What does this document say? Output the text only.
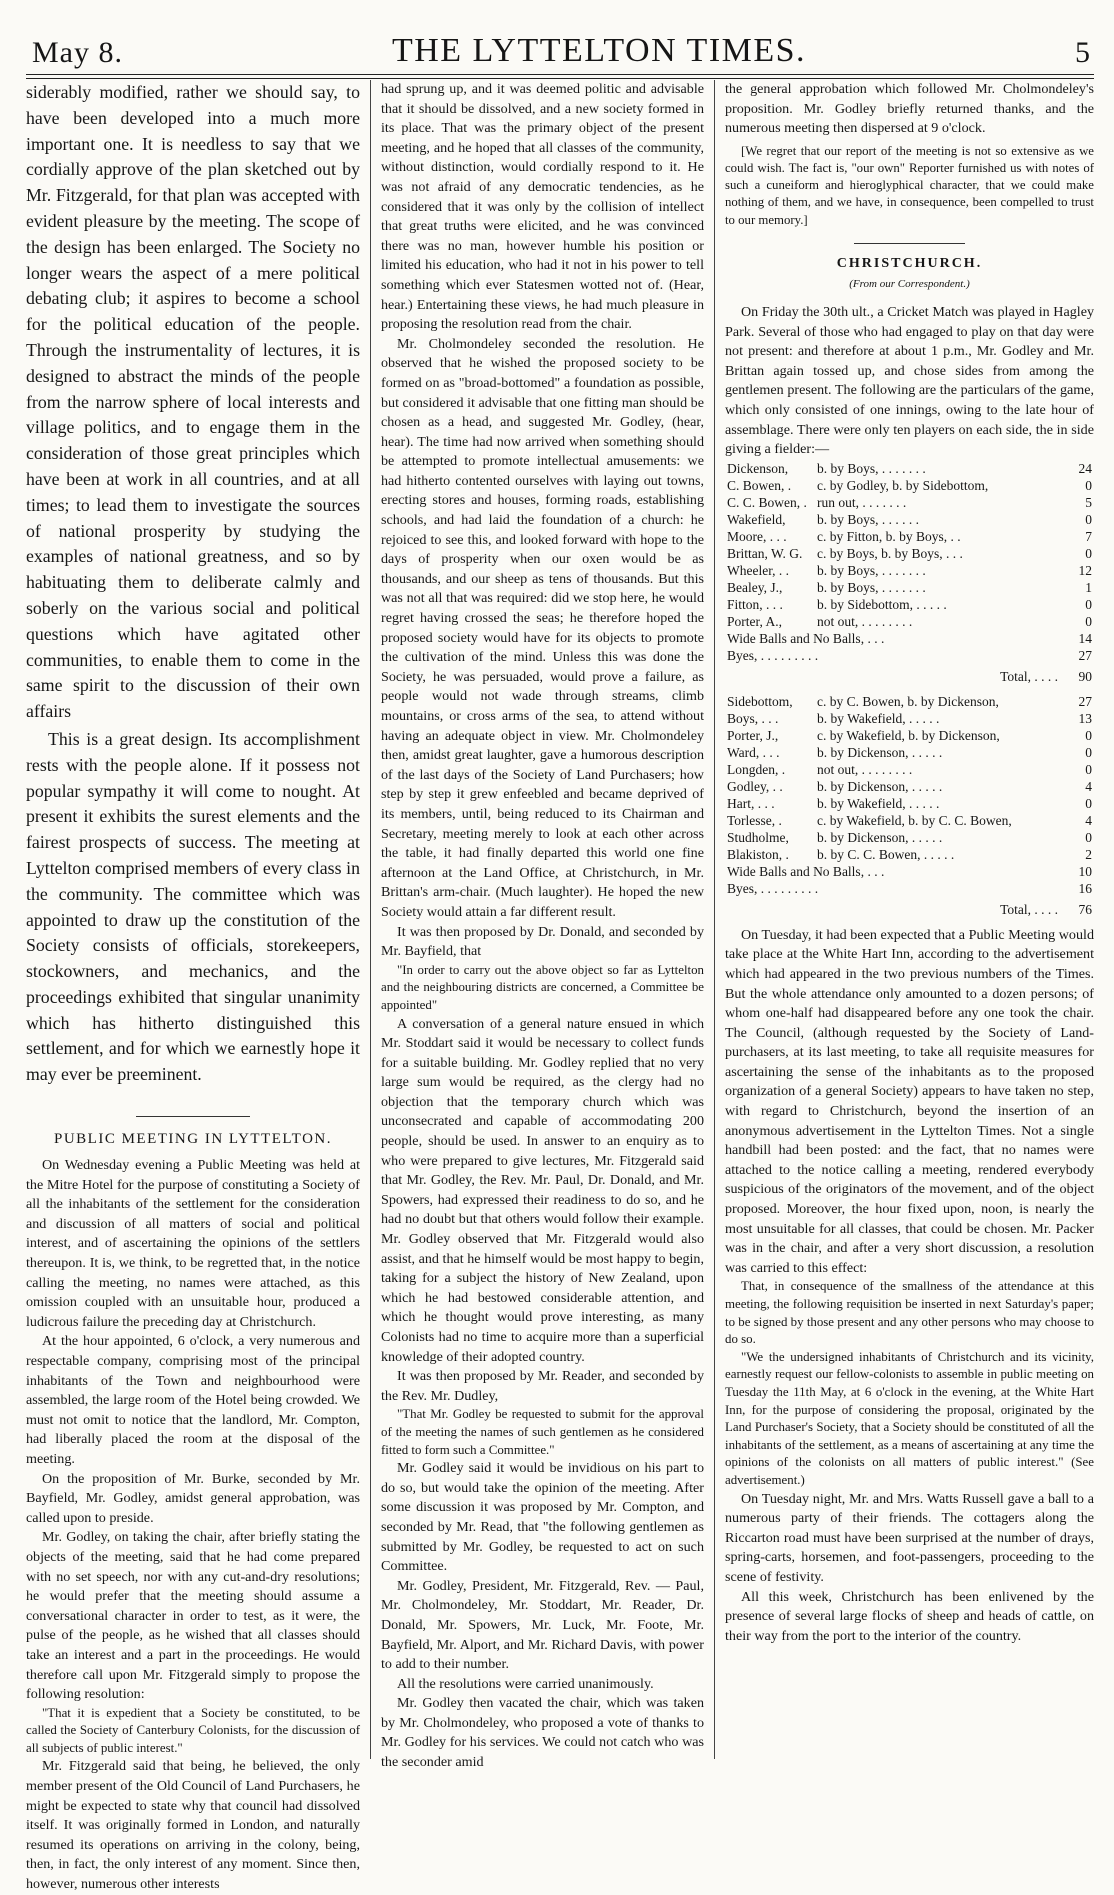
May 8.	THE LYTTELTON TIMES.	5

siderably modified, rather we should say, to have been developed into a much more important one. It is needless to say that we cordially approve of the plan sketched out by Mr. Fitzgerald, for that plan was accepted with evident pleasure by the meeting. The scope of the design has been enlarged. The Society no longer wears the aspect of a mere political debating club; it aspires to become a school for the political education of the people. Through the instrumentality of lectures, it is designed to abstract the minds of the people from the narrow sphere of local interests and village politics, and to engage them in the consideration of those great principles which have been at work in all countries, and at all times; to lead them to investigate the sources of national prosperity by studying the examples of national greatness, and so by habituating them to deliberate calmly and soberly on the various social and political questions which have agitated other communities, to enable them to come in the same spirit to the discussion of their own affairs

This is a great design. Its accomplishment rests with the people alone. If it possess not popular sympathy it will come to nought. At present it exhibits the surest elements and the fairest prospects of success. The meeting at Lyttelton comprised members of every class in the community. The committee which was appointed to draw up the constitution of the Society consists of officials, storekeepers, stockowners, and mechanics, and the proceedings exhibited that singular unanimity which has hitherto distinguished this settlement, and for which we earnestly hope it may ever be preeminent.

PUBLIC MEETING IN LYTTELTON.

On Wednesday evening a Public Meeting was held at the Mitre Hotel for the purpose of constituting a Society of all the inhabitants of the settlement for the consideration and discussion of all matters of social and political interest, and of ascertaining the opinions of the settlers thereupon. It is, we think, to be regretted that, in the notice calling the meeting, no names were attached, as this omission coupled with an unsuitable hour, produced a ludicrous failure the preceding day at Christchurch.

At the hour appointed, 6 o'clock, a very numerous and respectable company, comprising most of the principal inhabitants of the Town and neighbourhood were assembled, the large room of the Hotel being crowded. We must not omit to notice that the landlord, Mr. Compton, had liberally placed the room at the disposal of the meeting.

On the proposition of Mr. Burke, seconded by Mr. Bayfield, Mr. Godley, amidst general approbation, was called upon to preside.

Mr. Godley, on taking the chair, after briefly stating the objects of the meeting, said that he had come prepared with no set speech, nor with any cut-and-dry resolutions; he would prefer that the meeting should assume a conversational character in order to test, as it were, the pulse of the people, as he wished that all classes should take an interest and a part in the proceedings. He would therefore call upon Mr. Fitzgerald simply to propose the following resolution:

"That it is expedient that a Society be constituted, to be called the Society of Canterbury Colonists, for the discussion of all subjects of public interest."

Mr. Fitzgerald said that being, he believed, the only member present of the Old Council of Land Purchasers, he might be expected to state why that council had dissolved itself. It was originally formed in London, and naturally resumed its operations on arriving in the colony, being, then, in fact, the only interest of any moment. Since then, however, numerous other interests

had sprung up, and it was deemed politic and advisable that it should be dissolved, and a new society formed in its place. That was the primary object of the present meeting, and he hoped that all classes of the community, without distinction, would cordially respond to it. He was not afraid of any democratic tendencies, as he considered that it was only by the collision of intellect that great truths were elicited, and he was convinced there was no man, however humble his position or limited his education, who had it not in his power to tell something which ever Statesmen wotted not of. (Hear, hear.) Entertaining these views, he had much pleasure in proposing the resolution read from the chair.

Mr. Cholmondeley seconded the resolution. He observed that he wished the proposed society to be formed on as "broad-bottomed" a foundation as possible, but considered it advisable that one fitting man should be chosen as a head, and suggested Mr. Godley, (hear, hear). The time had now arrived when something should be attempted to promote intellectual amusements: we had hitherto contented ourselves with laying out towns, erecting stores and houses, forming roads, establishing schools, and had laid the foundation of a church: he rejoiced to see this, and looked forward with hope to the days of prosperity when our oxen would be as thousands, and our sheep as tens of thousands. But this was not all that was required: did we stop here, he would regret having crossed the seas; he therefore hoped the proposed society would have for its objects to promote the cultivation of the mind. Unless this was done the Society, he was persuaded, would prove a failure, as people would not wade through streams, climb mountains, or cross arms of the sea, to attend without having an adequate object in view. Mr. Cholmondeley then, amidst great laughter, gave a humorous description of the last days of the Society of Land Purchasers; how step by step it grew enfeebled and became deprived of its members, until, being reduced to its Chairman and Secretary, meeting merely to look at each other across the table, it had finally departed this world one fine afternoon at the Land Office, at Christchurch, in Mr. Brittan's arm-chair. (Much laughter). He hoped the new Society would attain a far different result.

It was then proposed by Dr. Donald, and seconded by Mr. Bayfield, that

"In order to carry out the above object so far as Lyttelton and the neighbouring districts are concerned, a Committee be appointed"

A conversation of a general nature ensued in which Mr. Stoddart said it would be necessary to collect funds for a suitable building. Mr. Godley replied that no very large sum would be required, as the clergy had no objection that the temporary church which was unconsecrated and capable of accommodating 200 people, should be used. In answer to an enquiry as to who were prepared to give lectures, Mr. Fitzgerald said that Mr. Godley, the Rev. Mr. Paul, Dr. Donald, and Mr. Spowers, had expressed their readiness to do so, and he had no doubt but that others would follow their example. Mr. Godley observed that Mr. Fitzgerald would also assist, and that he himself would be most happy to begin, taking for a subject the history of New Zealand, upon which he had bestowed considerable attention, and which he thought would prove interesting, as many Colonists had no time to acquire more than a superficial knowledge of their adopted country.

It was then proposed by Mr. Reader, and seconded by the Rev. Mr. Dudley,

"That Mr. Godley be requested to submit for the approval of the meeting the names of such gentlemen as he considered fitted to form such a Committee."

Mr. Godley said it would be invidious on his part to do so, but would take the opinion of the meeting. After some discussion it was proposed by Mr. Compton, and seconded by Mr. Read, that "the following gentlemen as submitted by Mr. Godley, be requested to act on such Committee.

Mr. Godley, President, Mr. Fitzgerald, Rev. — Paul, Mr. Cholmondeley, Mr. Stoddart, Mr. Reader, Dr. Donald, Mr. Spowers, Mr. Luck, Mr. Foote, Mr. Bayfield, Mr. Alport, and Mr. Richard Davis, with power to add to their number.

All the resolutions were carried unanimously.

Mr. Godley then vacated the chair, which was taken by Mr. Cholmondeley, who proposed a vote of thanks to Mr. Godley for his services. We could not catch who was the seconder amid

the general approbation which followed Mr. Cholmondeley's proposition. Mr. Godley briefly returned thanks, and the numerous meeting then dispersed at 9 o'clock.

[We regret that our report of the meeting is not so extensive as we could wish. The fact is, "our own" Reporter furnished us with notes of such a cuneiform and hieroglyphical character, that we could make nothing of them, and we have, in consequence, been compelled to trust to our memory.]

CHRISTCHURCH.
(From our Correspondent.)

On Friday the 30th ult., a Cricket Match was played in Hagley Park. Several of those who had engaged to play on that day were not present: and therefore at about 1 p.m., Mr. Godley and Mr. Brittan again tossed up, and chose sides from among the gentlemen present. The following are the particulars of the game, which only consisted of one innings, owing to the late hour of assemblage. There were only ten players on each side, the in side giving a fielder:—

Dickenson,	b. by Boys, . . . . . . .	24
C. Bowen, .	c. by Godley, b. by Sidebottom,	0
C. C. Bowen, .	run out, . . . . . . .	5
Wakefield,	b. by Boys, . . . . . .	0
Moore, . . .	c. by Fitton, b. by Boys, . .	7
Brittan, W. G.	c. by Boys, b. by Boys, . . .	0
Wheeler, . .	b. by Boys, . . . . . . .	12
Bealey, J.,	b. by Boys, . . . . . . .	1
Fitton, . . .	b. by Sidebottom, . . . . .	0
Porter, A.,	not out, . . . . . . . .	0
Wide Balls and No Balls, . . .		14
Byes, . . . . . . . . .		27
Total, . . . .		90
Sidebottom,	c. by C. Bowen, b. by Dickenson,	27
Boys, . . .	b. by Wakefield, . . . . .	13
Porter, J.,	c. by Wakefield, b. by Dickenson,	0
Ward, . . .	b. by Dickenson, . . . . .	0
Longden, .	not out, . . . . . . . .	0
Godley, . .	b. by Dickenson, . . . . .	4
Hart, . . .	b. by Wakefield, . . . . .	0
Torlesse, .	c. by Wakefield, b. by C. C. Bowen,	4
Studholme,	b. by Dickenson, . . . . .	0
Blakiston, .	b. by C. C. Bowen, . . . . .	2
Wide Balls and No Balls, . . .		10
Byes, . . . . . . . . .		16
Total, . . . .		76

On Tuesday, it had been expected that a Public Meeting would take place at the White Hart Inn, according to the advertisement which had appeared in the two previous numbers of the Times. But the whole attendance only amounted to a dozen persons; of whom one-half had disappeared before any one took the chair. The Council, (although requested by the Society of Land-purchasers, at its last meeting, to take all requisite measures for ascertaining the sense of the inhabitants as to the proposed organization of a general Society) appears to have taken no step, with regard to Christchurch, beyond the insertion of an anonymous advertisement in the Lyttelton Times. Not a single handbill had been posted: and the fact, that no names were attached to the notice calling a meeting, rendered everybody suspicious of the originators of the movement, and of the object proposed. Moreover, the hour fixed upon, noon, is nearly the most unsuitable for all classes, that could be chosen. Mr. Packer was in the chair, and after a very short discussion, a resolution was carried to this effect:

That, in consequence of the smallness of the attendance at this meeting, the following requisition be inserted in next Saturday's paper; to be signed by those present and any other persons who may choose to do so.

"We the undersigned inhabitants of Christchurch and its vicinity, earnestly request our fellow-colonists to assemble in public meeting on Tuesday the 11th May, at 6 o'clock in the evening, at the White Hart Inn, for the purpose of considering the proposal, originated by the Land Purchaser's Society, that a Society should be constituted of all the inhabitants of the settlement, as a means of ascertaining at any time the opinions of the colonists on all matters of public interest." (See advertisement.)

On Tuesday night, Mr. and Mrs. Watts Russell gave a ball to a numerous party of their friends. The cottagers along the Riccarton road must have been surprised at the number of drays, spring-carts, horsemen, and foot-passengers, proceeding to the scene of festivity.

All this week, Christchurch has been enlivened by the presence of several large flocks of sheep and heads of cattle, on their way from the port to the interior of the country.
